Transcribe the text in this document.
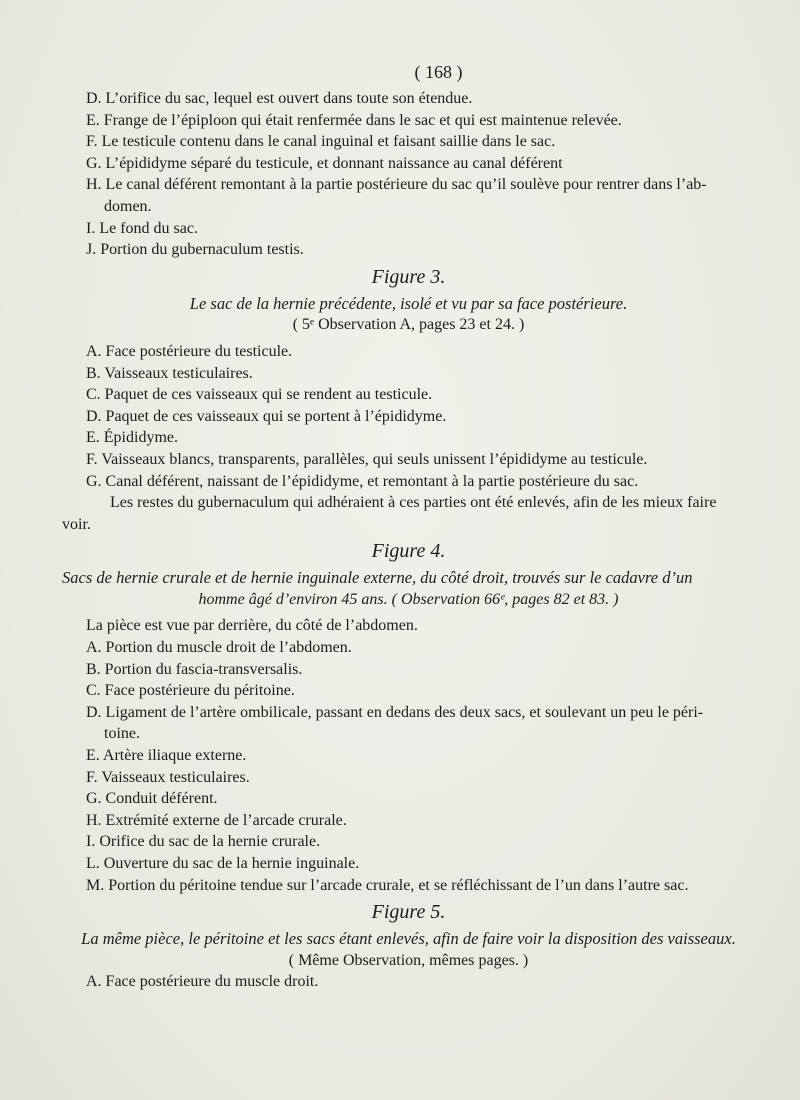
( 168 )

D. L’orifice du sac, lequel est ouvert dans toute son étendue.

E. Frange de l’épiploon qui était renfermée dans le sac et qui est maintenue relevée.

F. Le testicule contenu dans le canal inguinal et faisant saillie dans le sac.

G. L’épididyme séparé du testicule, et donnant naissance au canal déférent

H. Le canal déférent remontant à la partie postérieure du sac qu’il soulève pour rentrer dans l’ab-

domen.

I. Le fond du sac.

J. Portion du gubernaculum testis.

Figure 3.

Le sac de la hernie précédente, isolé et vu par sa face postérieure.

( 5ᵉ Observation A, pages 23 et 24. )

A. Face postérieure du testicule.

B. Vaisseaux testiculaires.

C. Paquet de ces vaisseaux qui se rendent au testicule.

D. Paquet de ces vaisseaux qui se portent à l’épididyme.

E. Épididyme.

F. Vaisseaux blancs, transparents, parallèles, qui seuls unissent l’épididyme au testicule.

G. Canal déférent, naissant de l’épididyme, et remontant à la partie postérieure du sac.

Les restes du gubernaculum qui adhéraient à ces parties ont été enlevés, afin de les mieux faire

voir.

Figure 4.

Sacs de hernie crurale et de hernie inguinale externe, du côté droit, trouvés sur le cadavre d’un

homme âgé d’environ 45 ans. ( Observation 66ᵉ, pages 82 et 83. )

La pièce est vue par derrière, du côté de l’abdomen.

A. Portion du muscle droit de l’abdomen.

B. Portion du fascia-transversalis.

C. Face postérieure du péritoine.

D. Ligament de l’artère ombilicale, passant en dedans des deux sacs, et soulevant un peu le péri-

toine.

E. Artère iliaque externe.

F. Vaisseaux testiculaires.

G. Conduit déférent.

H. Extrémité externe de l’arcade crurale.

I. Orifice du sac de la hernie crurale.

L. Ouverture du sac de la hernie inguinale.

M. Portion du péritoine tendue sur l’arcade crurale, et se réfléchissant de l’un dans l’autre sac.

Figure 5.

La même pièce, le péritoine et les sacs étant enlevés, afin de faire voir la disposition des vaisseaux.

( Même Observation, mêmes pages. )

A. Face postérieure du muscle droit.
